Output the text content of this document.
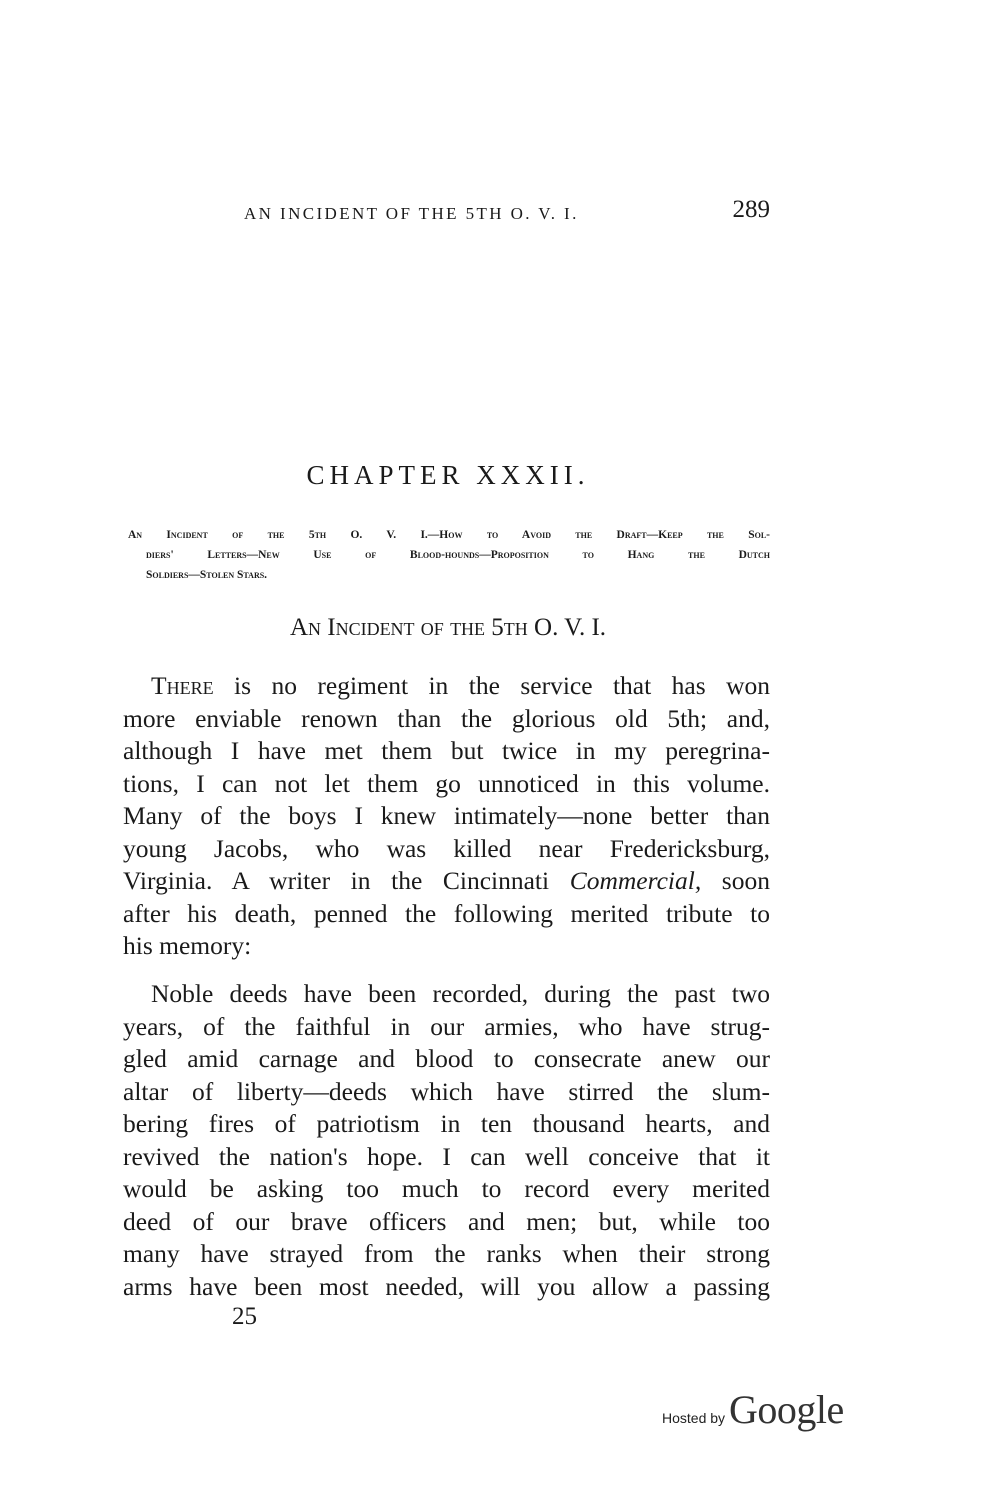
AN INCIDENT OF THE 5TH O. V. I.	289
CHAPTER XXXII.
An Incident of the 5th O. V. I.—How to Avoid the Draft—Keep the Sol-
diers' Letters—New Use of Blood-hounds—Proposition to Hang the Dutch
Soldiers—Stolen Stars.
An Incident of the 5th O. V. I.
There is no regiment in the service that has won
more enviable renown than the glorious old 5th; and,
although I have met them but twice in my peregrina-
tions, I can not let them go unnoticed in this volume.
Many of the boys I knew intimately—none better than
young Jacobs, who was killed near Fredericksburg,
Virginia. A writer in the Cincinnati Commercial, soon
after his death, penned the following merited tribute to
his memory:
Noble deeds have been recorded, during the past two
years, of the faithful in our armies, who have strug-
gled amid carnage and blood to consecrate anew our
altar of liberty—deeds which have stirred the slum-
bering fires of patriotism in ten thousand hearts, and
revived the nation's hope. I can well conceive that it
would be asking too much to record every merited
deed of our brave officers and men; but, while too
many have strayed from the ranks when their strong
arms have been most needed, will you allow a passing
25
Hosted by Google
